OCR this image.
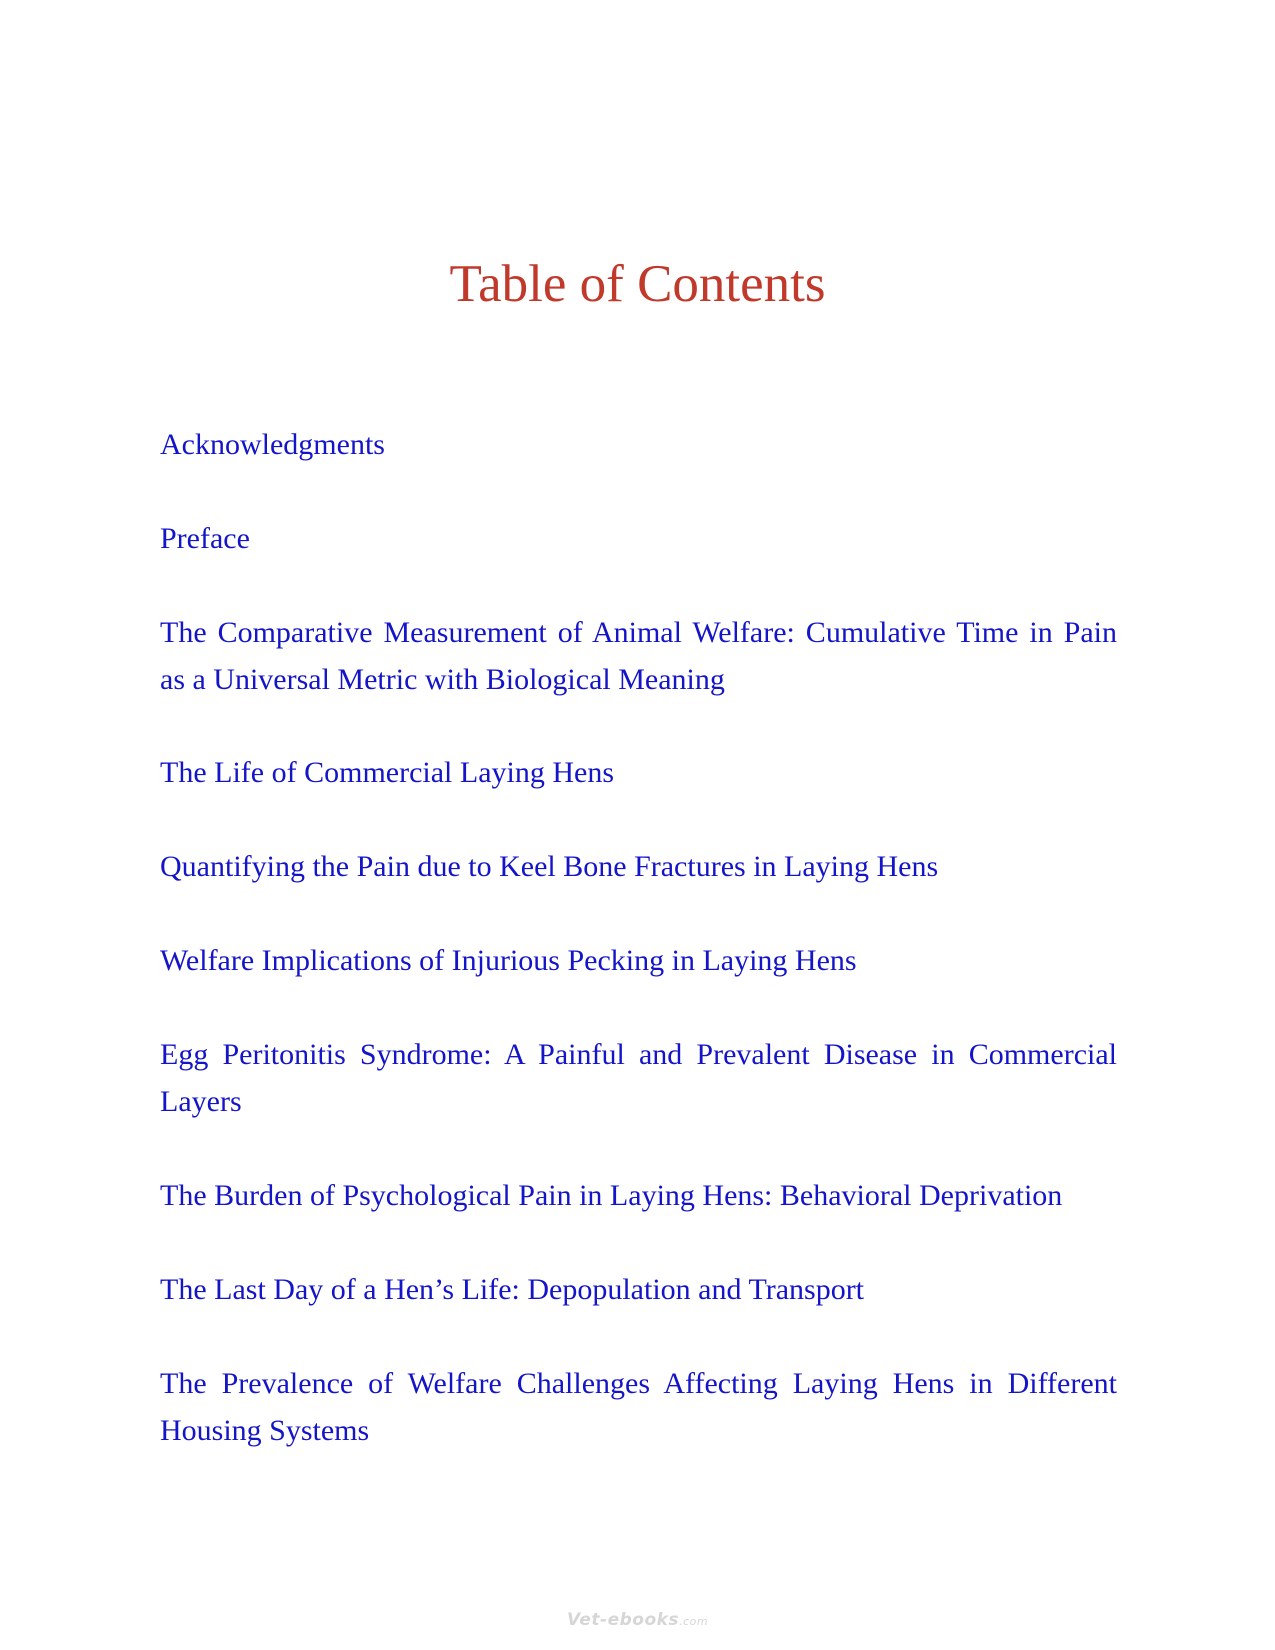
Table of Contents
Acknowledgments
Preface
The Comparative Measurement of Animal Welfare: Cumulative Time in Pain as a Universal Metric with Biological Meaning
The Life of Commercial Laying Hens
Quantifying the Pain due to Keel Bone Fractures in Laying Hens
Welfare Implications of Injurious Pecking in Laying Hens
Egg Peritonitis Syndrome: A Painful and Prevalent Disease in Commercial Layers
The Burden of Psychological Pain in Laying Hens: Behavioral Deprivation
The Last Day of a Hen’s Life: Depopulation and Transport
The Prevalence of Welfare Challenges Affecting Laying Hens in Different Housing Systems
Vet-ebooks.com
